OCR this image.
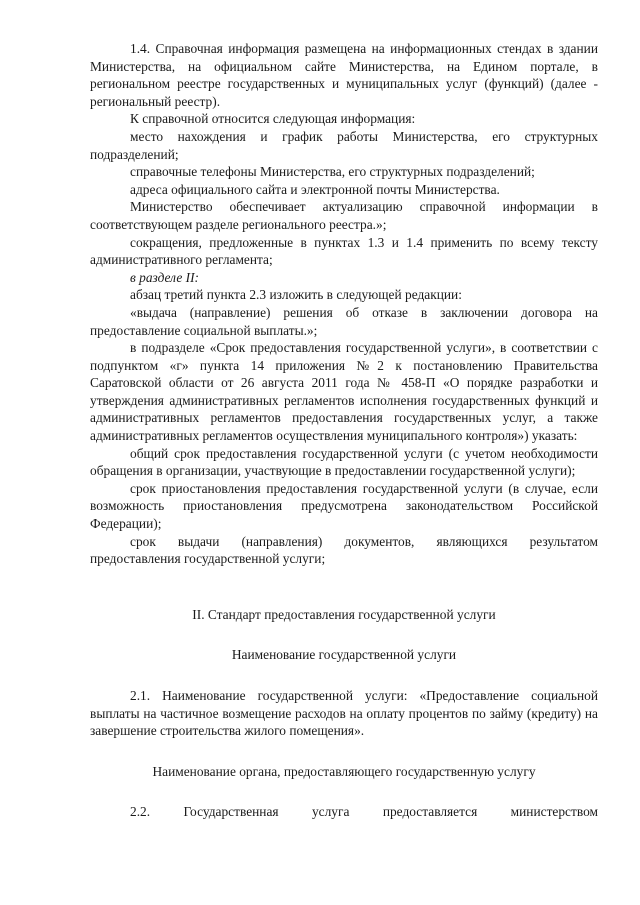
1.4. Справочная информация размещена на информационных стендах в здании Министерства, на официальном сайте Министерства, на Едином портале, в региональном реестре государственных и муниципальных услуг (функций) (далее - региональный реестр).

К справочной относится следующая информация:

место нахождения и график работы Министерства, его структурных подразделений;

справочные телефоны Министерства, его структурных подразделений;

адреса официального сайта и электронной почты Министерства.

Министерство обеспечивает актуализацию справочной информации в соответствующем разделе регионального реестра.»;

сокращения, предложенные в пунктах 1.3 и 1.4 применить по всему тексту административного регламента;

в разделе II:

абзац третий пункта 2.3 изложить в следующей редакции:

«выдача (направление) решения об отказе в заключении договора на предоставление социальной выплаты.»;

в подразделе «Срок предоставления государственной услуги», в соответствии с подпунктом «г» пункта 14 приложения №2 к постановлению Правительства Саратовской области от 26 августа 2011 года № 458-П «О порядке разработки и утверждения административных регламентов исполнения государственных функций и административных регламентов предоставления государственных услуг, а также административных регламентов осуществления муниципального контроля») указать:

общий срок предоставления государственной услуги (с учетом необходимости обращения в организации, участвующие в предоставлении государственной услуги);

срок приостановления предоставления государственной услуги (в случае, если возможность приостановления предусмотрена законодательством Российской Федерации);

срок выдачи (направления) документов, являющихся результатом предоставления государственной услуги;

II. Стандарт предоставления государственной услуги

Наименование государственной услуги

2.1. Наименование государственной услуги: «Предоставление социальной выплаты на частичное возмещение расходов на оплату процентов по займу (кредиту) на завершение строительства жилого помещения».

Наименование органа, предоставляющего государственную услугу

2.2. Государственная услуга предоставляется министерством
